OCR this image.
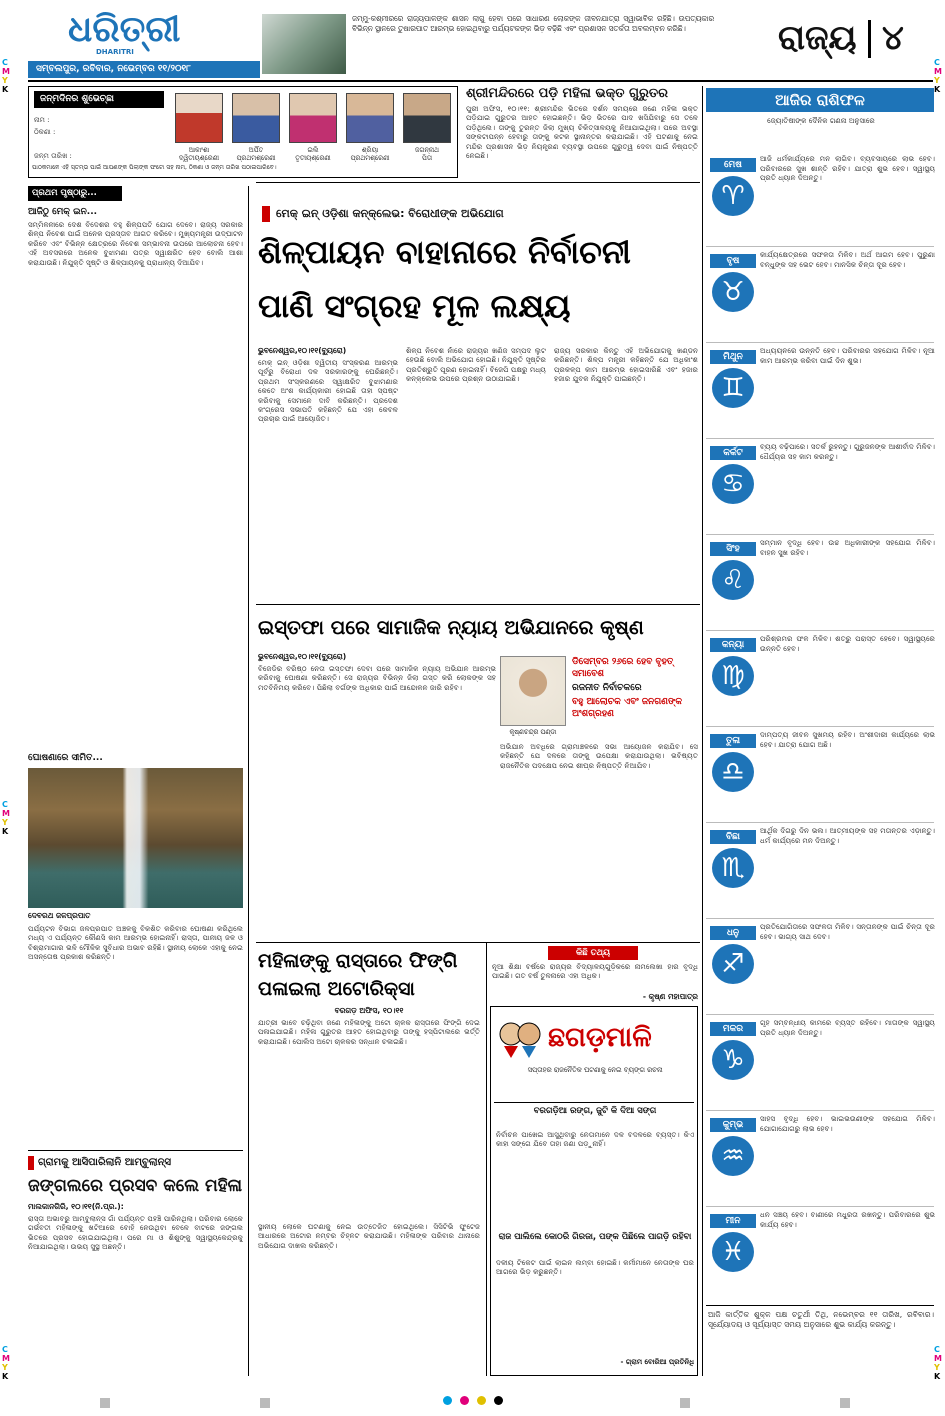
C
M
Y
K
C
M
Y
K
C
M
Y
K
C
M
Y
K
C
M
Y
K
ଧରିତ୍ରୀ
DHARITRI
ସମ୍ବଲପୁର, ରବିବାର, ନଭେମ୍ବର ୧୧/୨୦୧୮
ଜମ୍ମୁ-କଶ୍ମୀରରେ ରାଜ୍ୟପାଳଙ୍କ ଶାସନ ଲାଗୁ ହେବା ପରେ ସାଧାରଣ ଲୋକଙ୍କ ଜୀବନଯାତ୍ରା ସ୍ୱାଭାବିକ ରହିଛି। ଉପତ୍ୟକାର ବିଭିନ୍ନ ସ୍ଥାନରେ ତୁଷାରପାତ ଆରମ୍ଭ ହୋଇଥିବାରୁ ପର୍ଯ୍ୟଟକଙ୍କ ଭିଡ଼ ବଢ଼ିଛି ଏବଂ ପ୍ରଶାସନ ସତର୍କତା ଅବଲମ୍ବନ କରିଛି।	ରାଜ୍ୟ ୪
ଜନ୍ମଦିନର ଶୁଭେଚ୍ଛା
ନାମ :
ଠିକଣା :
ଜନ୍ମ ତାରିଖ :
ଆକାଂଶା
ଦ୍ୱିତୀୟଶ୍ରେଣୀ
ଅର୍ପିତ
ପ୍ରଥମଶ୍ରେଣୀ
ଇଲି
ତୃତୀୟଶ୍ରେଣୀ
ଶ୍ରିୟା
ପ୍ରଥମଶ୍ରେଣୀ
ଜଗନ୍ନାଥ
ପିତା
ପାଠକମାନେ ଏହି ସ୍ତମ୍ଭ ପାଇଁ ଆପଣଙ୍କ ପିଲାଙ୍କ ଫଟୋ ସହ ନାମ, ଠିକଣା ଓ ଜନ୍ମ ତାରିଖ ପଠାଇପାରିବେ।
ଶ୍ରୀମନ୍ଦିରରେ ପଡ଼ି ମହିଳା ଭକ୍ତ ଗୁରୁତର
ପୁରୀ ଅଫିସ, ୧୦।୧୧: ଶ୍ରୀମନ୍ଦିର ଭିତରେ ଦର୍ଶନ ସମୟରେ ଜଣେ ମହିଳା ଭକ୍ତ ପଡ଼ିଯାଇ ଗୁରୁତର ଆହତ ହୋଇଛନ୍ତି। ଭିଡ଼ ଭିତରେ ପାଦ ଖସିଯିବାରୁ ସେ ତଳେ ପଡ଼ିଥିଲେ। ତାଙ୍କୁ ତୁରନ୍ତ ଜିଲା ମୁଖ୍ୟ ଚିକିତ୍ସାଳୟକୁ ନିଆଯାଇଥିଲା। ପରେ ଅବସ୍ଥା ସଙ୍କଟାପନ୍ନ ହେବାରୁ ତାଙ୍କୁ କଟକ ସ୍ଥାନାନ୍ତର କରାଯାଇଛି। ଏହି ଘଟଣାକୁ ନେଇ ମନ୍ଦିର ପ୍ରଶାସନ ଭିଡ଼ ନିୟନ୍ତ୍ରଣ ବ୍ୟବସ୍ଥା ଉପରେ ଗୁରୁତ୍ୱ ଦେବା ପାଇଁ ନିଷ୍ପତ୍ତି ନେଇଛି।
ଆଜିର ରାଶିଫଳ
ଜ୍ୟୋତିଷୀଙ୍କ ଦୈନିକ ଗଣନା ଅନୁସାରେ
ମେଷ
♈
ଆଜି ଧର୍ମକାର୍ଯ୍ୟରେ ମନ ଲାଗିବ। ବ୍ୟବସାୟରେ ଲାଭ ହେବ। ପରିବାରରେ ସୁଖ ଶାନ୍ତି ରହିବ। ଯାତ୍ରା ଶୁଭ ହେବ। ସ୍ୱାସ୍ଥ୍ୟ ପ୍ରତି ଧ୍ୟାନ ଦିଅନ୍ତୁ।
ବୃଷ
♉
କାର୍ଯ୍ୟକ୍ଷେତ୍ରରେ ସଫଳତା ମିଳିବ। ଅର୍ଥ ଆଗମ ହେବ। ପୁରୁଣା ବନ୍ଧୁଙ୍କ ସହ ଭେଟ ହେବ। ମାନସିକ ଚିନ୍ତା ଦୂର ହେବ।
ମିଥୁନ
♊
ଅଧ୍ୟୟନରେ ଉନ୍ନତି ହେବ। ପରିବାରର ସହଯୋଗ ମିଳିବ। ନୂଆ କାମ ଆରମ୍ଭ କରିବା ପାଇଁ ଦିନ ଶୁଭ।
କର୍କଟ
♋
ବ୍ୟୟ ବଢ଼ିପାରେ। ସତର୍କ ରୁହନ୍ତୁ। ଗୁରୁଜନଙ୍କ ଆଶୀର୍ବାଦ ମିଳିବ। ଧୈର୍ଯ୍ୟର ସହ କାମ କରନ୍ତୁ।
ସିଂହ
♌
ସମ୍ମାନ ବୃଦ୍ଧି ହେବ। ଉଚ୍ଚ ଅଧିକାରୀଙ୍କ ସହଯୋଗ ମିଳିବ। ବାହନ ସୁଖ ରହିବ।
କନ୍ୟା
♍
ପରିଶ୍ରମର ଫଳ ମିଳିବ। ଶତ୍ରୁ ପରାସ୍ତ ହେବେ। ସ୍ୱାସ୍ଥ୍ୟରେ ଉନ୍ନତି ହେବ।
ତୁଳା
♎
ଦାମ୍ପତ୍ୟ ଜୀବନ ସୁଖମୟ ରହିବ। ଅଂଶୀଦାରୀ କାର୍ଯ୍ୟରେ ଲାଭ ହେବ। ଯାତ୍ରା ଯୋଗ ଅଛି।
ବିଛା
♏
ଆର୍ଥିକ ଦିଗରୁ ଦିନ ଭଲ। ଆତ୍ମୀୟଙ୍କ ସହ ମତାନ୍ତର ଏଡ଼ାନ୍ତୁ। ଧର୍ମ କାର୍ଯ୍ୟରେ ମନ ଦିଅନ୍ତୁ।
ଧନୁ
♐
ପ୍ରତିଯୋଗିତାରେ ସଫଳତା ମିଳିବ। ସନ୍ତାନଙ୍କ ପାଇଁ ଚିନ୍ତା ଦୂର ହେବ। ଭାଗ୍ୟ ସାଥ ଦେବ।
ମକର
♑
ଗୃହ ସମ୍ବନ୍ଧୀୟ କାମରେ ବ୍ୟସ୍ତ ରହିବେ। ମାତାଙ୍କ ସ୍ୱାସ୍ଥ୍ୟ ପ୍ରତି ଧ୍ୟାନ ଦିଅନ୍ତୁ।
କୁମ୍ଭ
♒
ସାହସ ବୃଦ୍ଧି ହେବ। ଭାଇଭଉଣୀଙ୍କ ସହଯୋଗ ମିଳିବ। ଯୋଗାଯୋଗରୁ ଲାଭ ହେବ।
ମୀନ
♓
ଧନ ସଞ୍ଚୟ ହେବ। ବାଣୀରେ ମଧୁରତା ରଖନ୍ତୁ। ପରିବାରରେ ଶୁଭ କାର୍ଯ୍ୟ ହେବ।
ଆଜି କାର୍ତ୍ତିକ ଶୁକ୍ଳ ପକ୍ଷ ଚତୁର୍ଥୀ ତିଥି, ନଭେମ୍ବର ୧୧ ତାରିଖ, ରବିବାର। ସୂର୍ଯ୍ୟୋଦୟ ଓ ସୂର୍ଯ୍ୟାସ୍ତ ସମୟ ଅନୁସାରେ ଶୁଭ କାର୍ଯ୍ୟ କରନ୍ତୁ।
ପ୍ରଥମ ପୃଷ୍ଠାରୁ...
ଆଜିଠୁ ମେକ୍ ଇନ...
ସମ୍ମିଳନୀରେ ଦେଶ ବିଦେଶର ବହୁ ଶିଳ୍ପପତି ଯୋଗ ଦେବେ। ରାଜ୍ୟ ସରକାର ଶିଳ୍ପ ନିବେଶ ପାଇଁ ଅନେକ ପ୍ରସ୍ତାବ ଆଗତ କରିବେ। ମୁଖ୍ୟମନ୍ତ୍ରୀ ଉଦ୍‌ଘାଟନ କରିବେ ଏବଂ ବିଭିନ୍ନ କ୍ଷେତ୍ରରେ ନିବେଶ ସମ୍ଭାବନା ଉପରେ ଆଲୋଚନା ହେବ। ଏହି ଅବସରରେ ଅନେକ ବୁଝାମଣା ପତ୍ର ସ୍ୱାକ୍ଷରିତ ହେବ ବୋଲି ଆଶା କରାଯାଉଛି। ନିଯୁକ୍ତି ସୃଷ୍ଟି ଓ ଶିଳ୍ପାୟନକୁ ପ୍ରାଧାନ୍ୟ ଦିଆଯିବ।
ଘୋଷଣାରେ ସୀମିତ...
ଦେବରଥ ଜଳପ୍ରପାତ
ପର୍ଯ୍ୟଟନ ବିଭାଗ ଜଳପ୍ରପାତ ଅଞ୍ଚଳକୁ ବିକଶିତ କରିବାର ଘୋଷଣା କରିଥିଲେ ମଧ୍ୟ ଏ ପର୍ଯ୍ୟନ୍ତ କୌଣସି କାମ ଆରମ୍ଭ ହୋଇନାହିଁ। ରାସ୍ତା, ପାନୀୟ ଜଳ ଓ ବିଶ୍ରାମାଗାର ଭଳି ମୌଳିକ ସୁବିଧାର ଅଭାବ ରହିଛି। ସ୍ଥାନୀୟ ଲୋକେ ଏହାକୁ ନେଇ ଅସନ୍ତୋଷ ପ୍ରକାଶ କରିଛନ୍ତି।
ଗ୍ରାମକୁ ଆସିପାରିଲାନି ଆମ୍ବୁଲାନ୍ସ
ଜଙ୍ଗଲରେ ପ୍ରସବ କଲେ ମହିଳା
ମାଲକାନଗିରି, ୧୦।୧୧(ନି.ପ୍ର.):
ରାସ୍ତା ଅଭାବରୁ ଆମ୍ବୁଲାନ୍ସ ଗାଁ ପର୍ଯ୍ୟନ୍ତ ପହଞ୍ଚି ପାରିନଥିଲା। ପରିବାର ଲୋକେ ଗର୍ଭବତୀ ମହିଳାଙ୍କୁ ଖଟିଆରେ ବୋହି ନେଉଥିବା ବେଳେ ବାଟରେ ଜଙ୍ଗଲ ଭିତରେ ପ୍ରସବ ହୋଇଯାଇଥିଲା। ପରେ ମା ଓ ଶିଶୁଙ୍କୁ ସ୍ୱାସ୍ଥ୍ୟକେନ୍ଦ୍ରକୁ ନିଆଯାଇଥିଲା। ଉଭୟ ସୁସ୍ଥ ଅଛନ୍ତି।
ମେକ୍ ଇନ୍ ଓଡ଼ିଶା କନ୍‌କ୍ଲେଭ: ବିରୋଧୀଙ୍କ ଅଭିଯୋଗ
ଶିଳ୍ପାୟନ ବାହାନାରେ ନିର୍ବାଚନୀ
ପାଣି ସଂଗ୍ରହ ମୂଳ ଲକ୍ଷ୍ୟ
ଭୁବନେଶ୍ୱର,୧୦।୧୧(ବ୍ୟୁରୋ)
ମେକ୍ ଇନ୍ ଓଡ଼ିଶା ଦ୍ୱିତୀୟ ସଂସ୍କରଣ ଆରମ୍ଭ ପୂର୍ବରୁ ବିରୋଧୀ ଦଳ ସରକାରଙ୍କୁ ଘେରିଛନ୍ତି। ପ୍ରଥମ ସଂସ୍କରଣରେ ସ୍ୱାକ୍ଷରିତ ବୁଝାମଣାର କେତେ ଅଂଶ କାର୍ଯ୍ୟକାରୀ ହୋଇଛି ତାହା ସ୍ପଷ୍ଟ କରିବାକୁ ସେମାନେ ଦାବି କରିଛନ୍ତି। ପ୍ରଦେଶ କଂଗ୍ରେସ ସଭାପତି କହିଛନ୍ତି ଯେ ଏହା କେବଳ ପ୍ରଚାର ପାଇଁ ଆୟୋଜିତ।
ଶିଳ୍ପ ନିବେଶ ନାଁରେ ରାଜ୍ୟର ଖଣିଜ ସମ୍ପଦ ଲୁଟ ହେଉଛି ବୋଲି ଅଭିଯୋଗ ହୋଇଛି। ନିଯୁକ୍ତି ସୃଷ୍ଟିର ପ୍ରତିଶ୍ରୁତି ପୂରଣ ହୋଇନାହିଁ। ବିଜେପି ପକ୍ଷରୁ ମଧ୍ୟ କନ୍‌କ୍ଲେଭ ଉପରେ ପ୍ରଶ୍ନ ଉଠାଯାଇଛି।
ରାଜ୍ୟ ସରକାର କିନ୍ତୁ ଏହି ଅଭିଯୋଗକୁ ଖଣ୍ଡନ କରିଛନ୍ତି। ଶିଳ୍ପ ମନ୍ତ୍ରୀ କହିଛନ୍ତି ଯେ ଅଧିକାଂଶ ପ୍ରକଳ୍ପ କାମ ଆରମ୍ଭ ହୋଇସାରିଛି ଏବଂ ହଜାର ହଜାର ଯୁବକ ନିଯୁକ୍ତି ପାଇଛନ୍ତି।
ଇସ୍ତଫା ପରେ ସାମାଜିକ ନ୍ୟାୟ ଅଭିଯାନରେ କୃଷ୍ଣ
ଭୁବନେଶ୍ୱର,୧୦।୧୧(ବ୍ୟୁରୋ)
ବିଜେଡିର ବରିଷ୍ଠ ନେତା ଇସ୍ତଫା ଦେବା ପରେ ସାମାଜିକ ନ୍ୟାୟ ଅଭିଯାନ ଆରମ୍ଭ କରିବାକୁ ଘୋଷଣା କରିଛନ୍ତି। ସେ ରାଜ୍ୟର ବିଭିନ୍ନ ଜିଲା ଗସ୍ତ କରି ଲୋକଙ୍କ ସହ ମତବିନିମୟ କରିବେ। ପିଛିଲା ବର୍ଗଙ୍କ ଅଧିକାର ପାଇଁ ଆନ୍ଦୋଳନ ଜାରି ରହିବ।
କୃଷ୍ଣଚନ୍ଦ୍ର ପଣ୍ଡା
ଡିସେମ୍ବର ୨୬ରେ ହେବ ବୃହତ୍ ସମାବେଶ
ରଜନୀତ ନିର୍ବାଚକରେ
ବହୁ ଆଲୋଚକ ଏବଂ ଜନଗଣଙ୍କ ଅଂଶଗ୍ରହଣ
ଅଭିଯାନ ଅବଧିରେ ଗ୍ରାମାଞ୍ଚଳରେ ସଭା ଆୟୋଜନ କରାଯିବ। ସେ କହିଛନ୍ତି ଯେ ଦଳରେ ତାଙ୍କୁ ଉପେକ୍ଷା କରାଯାଉଥିଲା। ଭବିଷ୍ୟତ ରାଜନୈତିକ ପଦକ୍ଷେପ ନେଇ ଶୀଘ୍ର ନିଷ୍ପତ୍ତି ନିଆଯିବ।
ମହିଳାଙ୍କୁ ରାସ୍ତାରେ ଫିଙ୍ଗି
ପଳାଇଲା ଅଟୋରିକ୍ସା
ବରଗଡ଼ ଅଫିସ, ୧୦।୧୧
ଯାତ୍ରୀ ଭାବେ ଚଢ଼ିଥିବା ଜଣେ ମହିଳାଙ୍କୁ ଅଟୋ ଚାଳକ ରାସ୍ତାରେ ଫିଙ୍ଗି ଦେଇ ପଳାଇଯାଇଛି। ମହିଳା ଗୁରୁତର ଆହତ ହୋଇଥିବାରୁ ତାଙ୍କୁ ହସ୍ପିଟାଲରେ ଭର୍ତ୍ତି କରାଯାଇଛି। ପୋଲିସ ଅଟୋ ଚାଳକର ସନ୍ଧାନ ଚଳାଇଛି।
ସ୍ଥାନୀୟ ଲୋକେ ଘଟଣାକୁ ନେଇ ଉତ୍ତେଜିତ ହୋଇଥିଲେ। ସିସିଟିଭି ଫୁଟେଜ ଆଧାରରେ ଅଟୋର ନମ୍ବର ଚିହ୍ନଟ କରାଯାଉଛି। ମହିଳାଙ୍କ ପରିବାର ଥାନାରେ ଅଭିଯୋଗ ଦାଖଲ କରିଛନ୍ତି।
କିଛି ତଥ୍ୟ
ନୂଆ ଶିକ୍ଷା ବର୍ଷରେ ରାଜ୍ୟର ବିଦ୍ୟାଳୟଗୁଡ଼ିକରେ ନାମଲେଖା ହାର ବୃଦ୍ଧି ପାଇଛି। ଗତ ବର୍ଷ ତୁଳନାରେ ଏହା ଅଧିକ।
- କୃଷ୍ଣ ମହାପାତ୍ର
ଛଗଡ଼ମାଳି
ସପ୍ତାହର ରାଜନୈତିକ ଘଟଣାକୁ ନେଇ ବ୍ୟଙ୍ଗ ରଚନା
ବରଗଡ଼ିଆ ରଙ୍ଗ, ଜୁଟି କି ଦିଆ ସଙ୍ଗ
ନିର୍ବାଚନ ପାଖେଇ ଆସୁଥିବାରୁ ନେତାମାନେ ଦଳ ବଦଳରେ ବ୍ୟସ୍ତ। କିଏ କାହା ସଙ୍ଗେ ଯିବେ ତାହା ଜଣା ପଡ଼ୁନାହିଁ।
ରାଜ ପାଲିଲେ କୋଠରି ଗିରଜା, ପଙ୍କ ପିଛିଲେ ପାଗଡ଼ି ରହିବା
ଦଳୀୟ ଟିକେଟ ପାଇଁ ଲାଇନ ଲମ୍ବା ହୋଇଛି। କର୍ମୀମାନେ ନେତାଙ୍କ ଘର ଆଗରେ ଭିଡ଼ କରୁଛନ୍ତି।
- ଗ୍ରାମ ବୋରିଆ ପ୍ରତିନିଧି
